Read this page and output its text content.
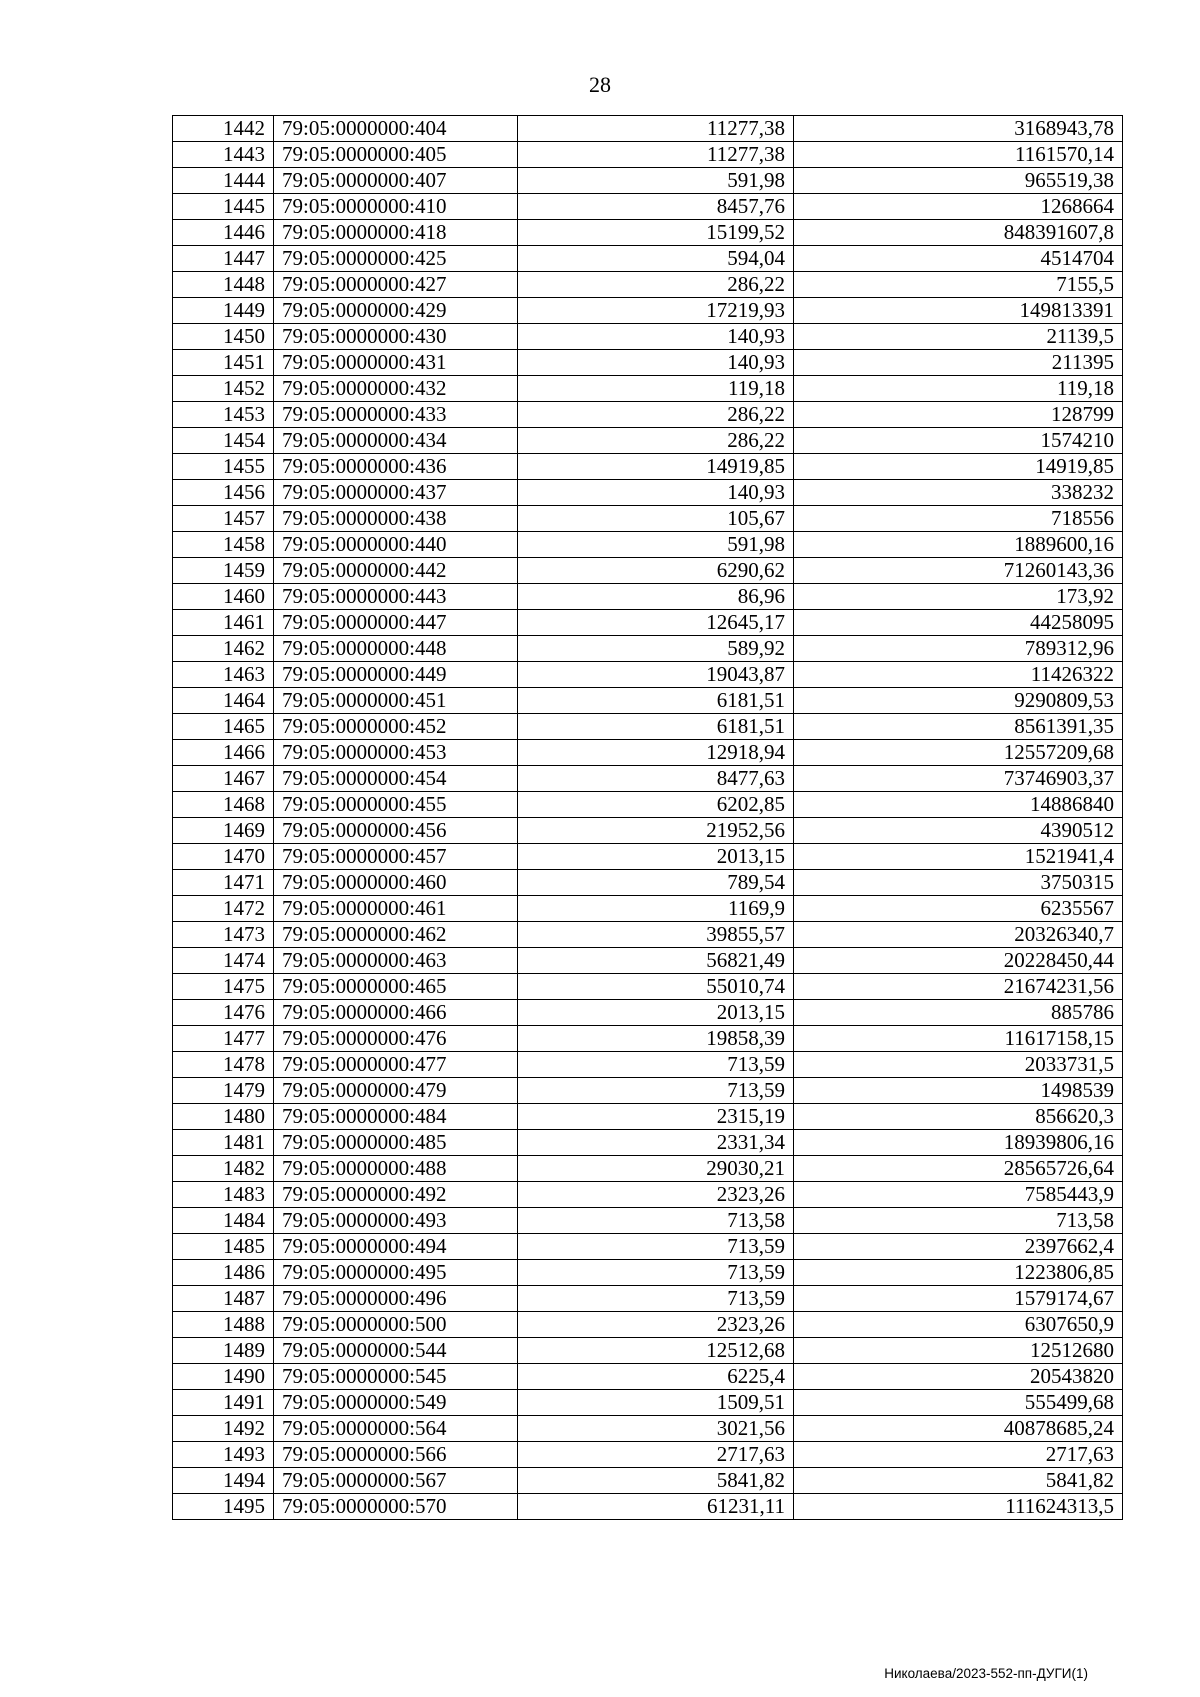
28
1442	79:05:0000000:404	11277,38	3168943,78
1443	79:05:0000000:405	11277,38	1161570,14
1444	79:05:0000000:407	591,98	965519,38
1445	79:05:0000000:410	8457,76	1268664
1446	79:05:0000000:418	15199,52	848391607,8
1447	79:05:0000000:425	594,04	4514704
1448	79:05:0000000:427	286,22	7155,5
1449	79:05:0000000:429	17219,93	149813391
1450	79:05:0000000:430	140,93	21139,5
1451	79:05:0000000:431	140,93	211395
1452	79:05:0000000:432	119,18	119,18
1453	79:05:0000000:433	286,22	128799
1454	79:05:0000000:434	286,22	1574210
1455	79:05:0000000:436	14919,85	14919,85
1456	79:05:0000000:437	140,93	338232
1457	79:05:0000000:438	105,67	718556
1458	79:05:0000000:440	591,98	1889600,16
1459	79:05:0000000:442	6290,62	71260143,36
1460	79:05:0000000:443	86,96	173,92
1461	79:05:0000000:447	12645,17	44258095
1462	79:05:0000000:448	589,92	789312,96
1463	79:05:0000000:449	19043,87	11426322
1464	79:05:0000000:451	6181,51	9290809,53
1465	79:05:0000000:452	6181,51	8561391,35
1466	79:05:0000000:453	12918,94	12557209,68
1467	79:05:0000000:454	8477,63	73746903,37
1468	79:05:0000000:455	6202,85	14886840
1469	79:05:0000000:456	21952,56	4390512
1470	79:05:0000000:457	2013,15	1521941,4
1471	79:05:0000000:460	789,54	3750315
1472	79:05:0000000:461	1169,9	6235567
1473	79:05:0000000:462	39855,57	20326340,7
1474	79:05:0000000:463	56821,49	20228450,44
1475	79:05:0000000:465	55010,74	21674231,56
1476	79:05:0000000:466	2013,15	885786
1477	79:05:0000000:476	19858,39	11617158,15
1478	79:05:0000000:477	713,59	2033731,5
1479	79:05:0000000:479	713,59	1498539
1480	79:05:0000000:484	2315,19	856620,3
1481	79:05:0000000:485	2331,34	18939806,16
1482	79:05:0000000:488	29030,21	28565726,64
1483	79:05:0000000:492	2323,26	7585443,9
1484	79:05:0000000:493	713,58	713,58
1485	79:05:0000000:494	713,59	2397662,4
1486	79:05:0000000:495	713,59	1223806,85
1487	79:05:0000000:496	713,59	1579174,67
1488	79:05:0000000:500	2323,26	6307650,9
1489	79:05:0000000:544	12512,68	12512680
1490	79:05:0000000:545	6225,4	20543820
1491	79:05:0000000:549	1509,51	555499,68
1492	79:05:0000000:564	3021,56	40878685,24
1493	79:05:0000000:566	2717,63	2717,63
1494	79:05:0000000:567	5841,82	5841,82
1495	79:05:0000000:570	61231,11	111624313,5
Николаева/2023-552-пп-ДУГИ(1)
